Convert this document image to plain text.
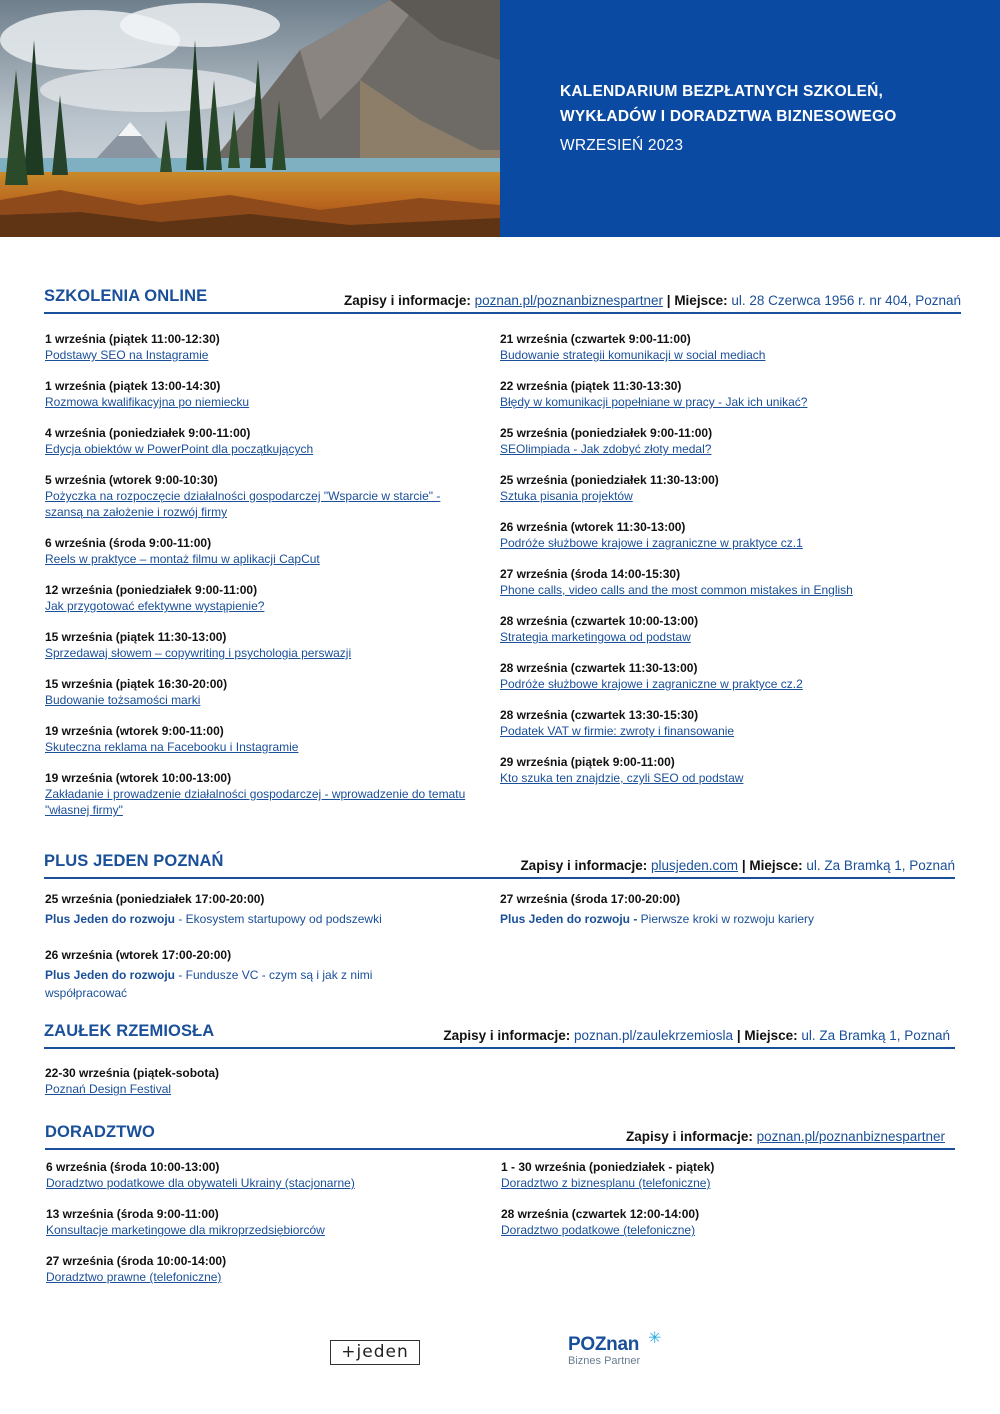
KALENDARIUM BEZPŁATNYCH SZKOLEŃ,
WYKŁADÓW I DORADZTWA BIZNESOWEGO
WRZESIEŃ 2023
SZKOLENIA ONLINE	Zapisy i informacje: poznan.pl/poznanbiznespartner | Miejsce: ul. 28 Czerwca 1956 r. nr 404, Poznań
1 września (piątek 11:00-12:30)
Podstawy SEO na Instagramie
1 września (piątek 13:00-14:30)
Rozmowa kwalifikacyjna po niemiecku
4 września (poniedziałek 9:00-11:00)
Edycja obiektów w PowerPoint dla początkujących
5 września (wtorek 9:00-10:30)
Pożyczka na rozpoczęcie działalności gospodarczej "Wsparcie w starcie" - szansą na założenie i rozwój firmy
6 września (środa 9:00-11:00)
Reels w praktyce – montaż filmu w aplikacji CapCut
12 września (poniedziałek 9:00-11:00)
Jak przygotować efektywne wystąpienie?
15 września (piątek 11:30-13:00)
Sprzedawaj słowem – copywriting i psychologia perswazji
15 września (piątek 16:30-20:00)
Budowanie tożsamości marki
19 września (wtorek 9:00-11:00)
Skuteczna reklama na Facebooku i Instagramie
19 września (wtorek 10:00-13:00)
Zakładanie i prowadzenie działalności gospodarczej - wprowadzenie do tematu "własnej firmy"
21 września (czwartek 9:00-11:00)
Budowanie strategii komunikacji w social mediach
22 września (piątek 11:30-13:30)
Błędy w komunikacji popełniane w pracy - Jak ich unikać?
25 września (poniedziałek 9:00-11:00)
SEOlimpiada - Jak zdobyć złoty medal?
25 września (poniedziałek 11:30-13:00)
Sztuka pisania projektów
26 września (wtorek 11:30-13:00)
Podróże służbowe krajowe i zagraniczne w praktyce cz.1
27 września (środa 14:00-15:30)
Phone calls, video calls and the most common mistakes in English
28 września (czwartek 10:00-13:00)
Strategia marketingowa od podstaw
28 września (czwartek 11:30-13:00)
Podróże służbowe krajowe i zagraniczne w praktyce cz.2
28 września (czwartek 13:30-15:30)
Podatek VAT w firmie: zwroty i finansowanie
29 września (piątek 9:00-11:00)
Kto szuka ten znajdzie, czyli SEO od podstaw
PLUS JEDEN POZNAŃ	Zapisy i informacje: plusjeden.com | Miejsce: ul. Za Bramką 1, Poznań
25 września (poniedziałek 17:00-20:00)
Plus Jeden do rozwoju - Ekosystem startupowy od podszewki
26 września (wtorek 17:00-20:00)
Plus Jeden do rozwoju - Fundusze VC - czym są i jak z nimi współpracować
27 września (środa 17:00-20:00)
Plus Jeden do rozwoju - Pierwsze kroki w rozwoju kariery
ZAUŁEK RZEMIOSŁA	Zapisy i informacje: poznan.pl/zaulekrzemiosla | Miejsce: ul. Za Bramką 1, Poznań
22-30 września (piątek-sobota)
Poznań Design Festival
DORADZTWO	Zapisy i informacje: poznan.pl/poznanbiznespartner
6 września (środa 10:00-13:00)
Doradztwo podatkowe dla obywateli Ukrainy (stacjonarne)
13 września (środa 9:00-11:00)
Konsultacje marketingowe dla mikroprzedsiębiorców
27 września (środa 10:00-14:00)
Doradztwo prawne (telefoniczne)
1 - 30 września (poniedziałek - piątek)
Doradztwo z biznesplanu (telefoniczne)
28 września (czwartek 12:00-14:00)
Doradztwo podatkowe (telefoniczne)
+jeden	POZnan ✳
Biznes Partner
